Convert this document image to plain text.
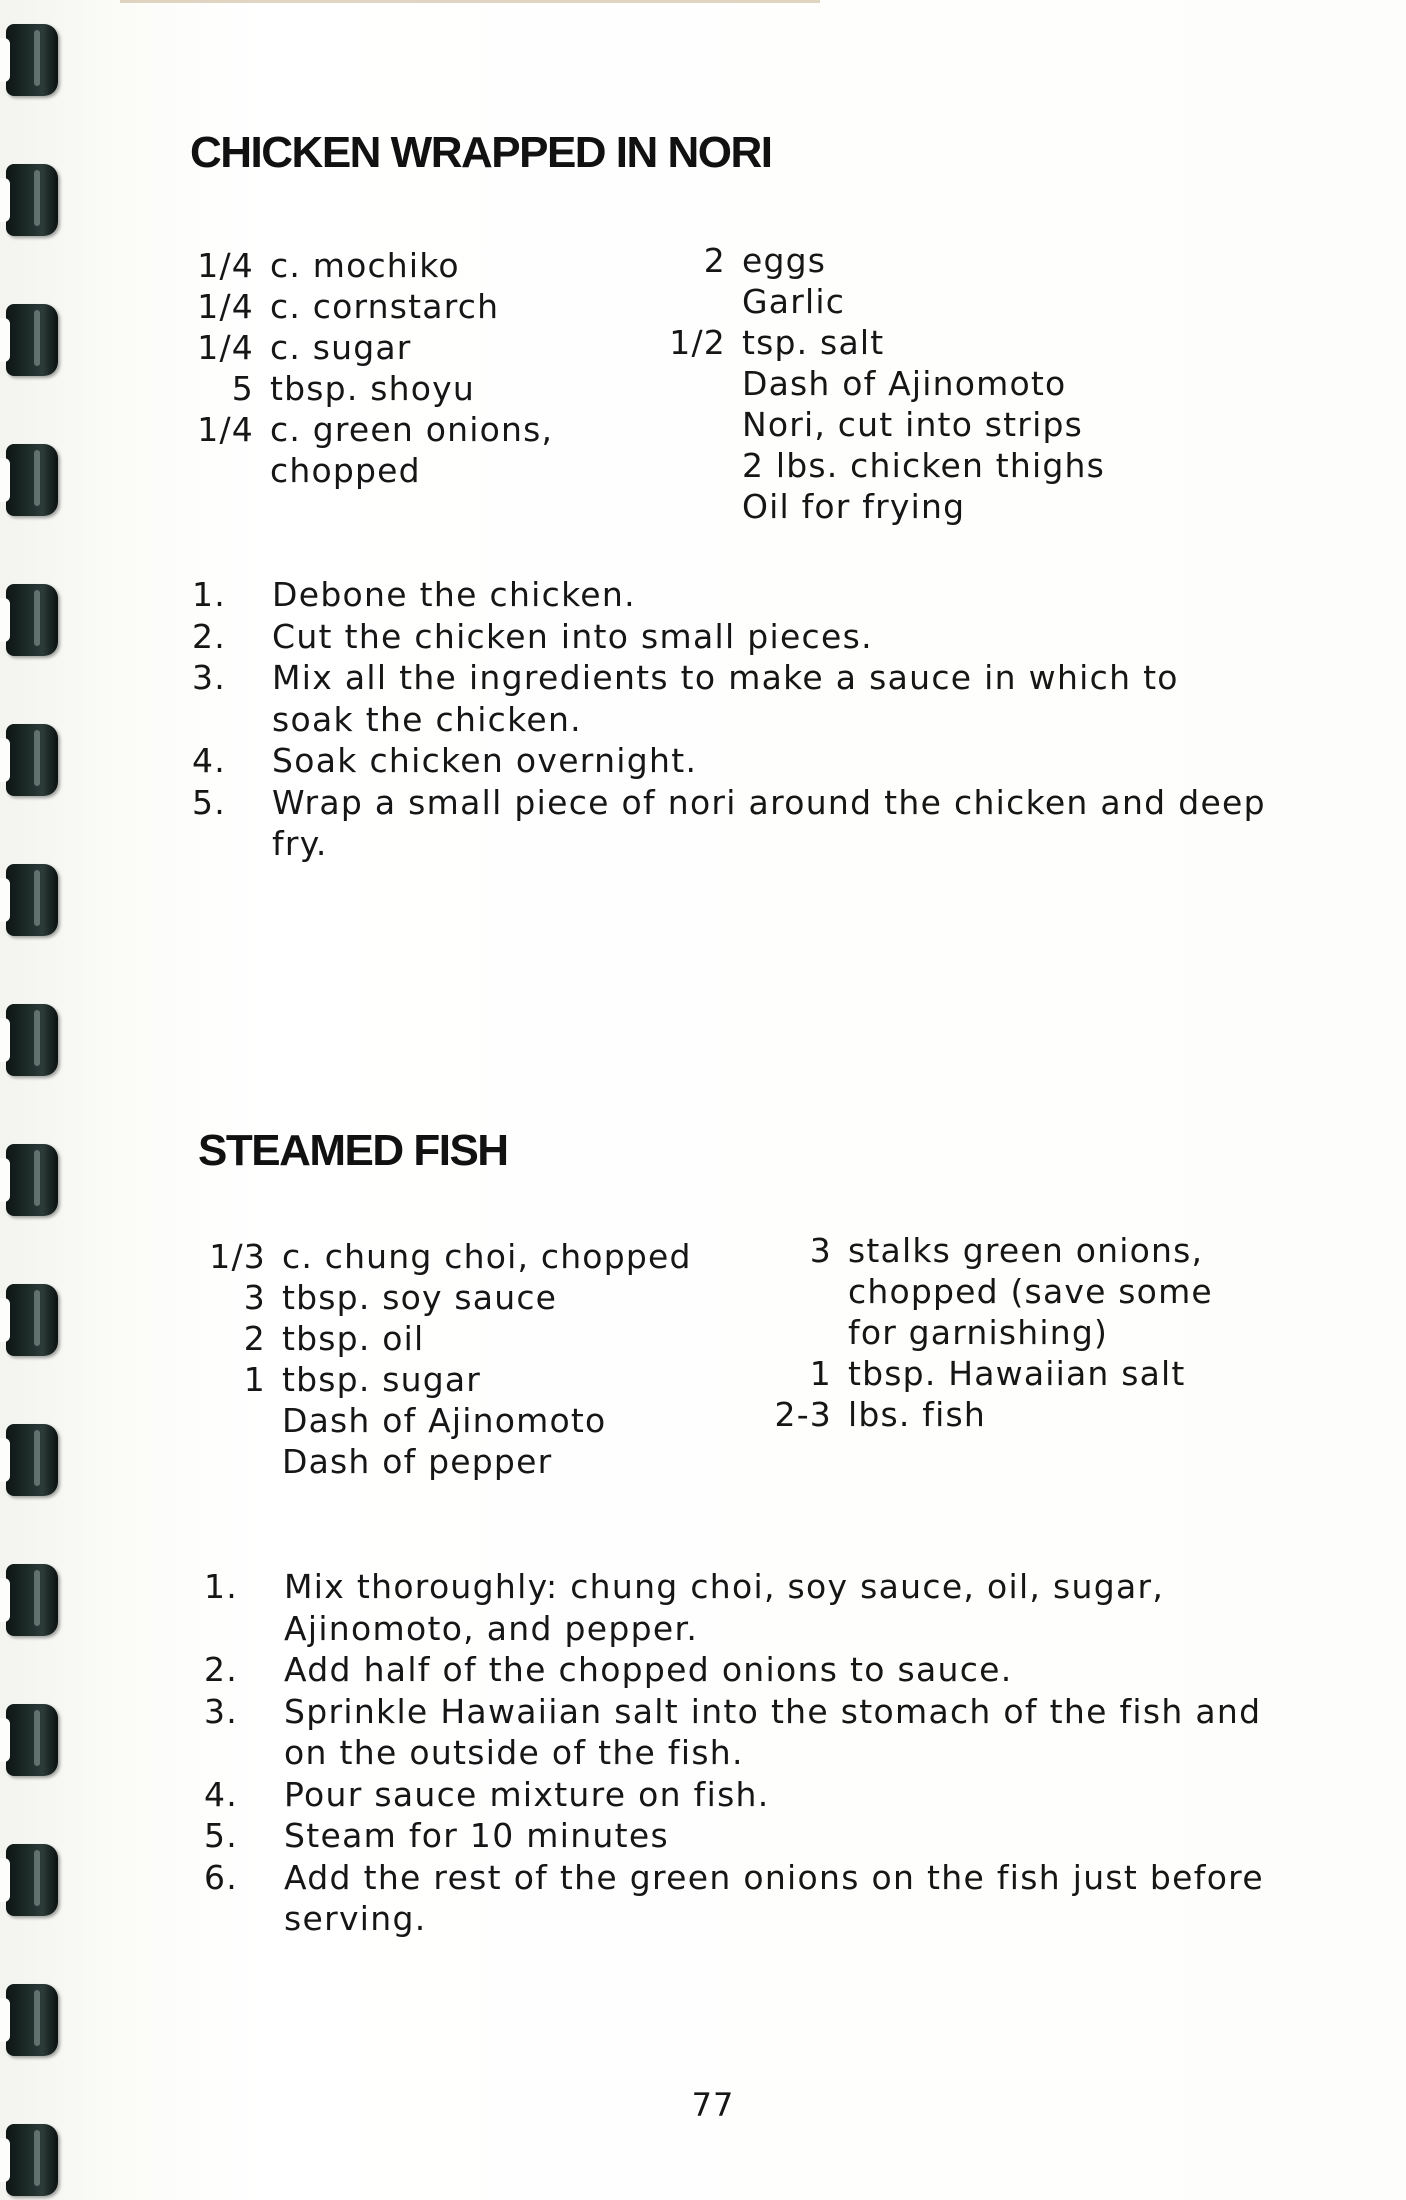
CHICKEN WRAPPED IN NORI
1/4 c. mochiko
1/4 c. cornstarch
1/4 c. sugar
5 tbsp. shoyu
1/4 c. green onions,
chopped
2 eggs
Garlic
1/2 tsp. salt
Dash of Ajinomoto
Nori, cut into strips
2 lbs. chicken thighs
Oil for frying
1.	Debone the chicken.
2.	Cut the chicken into small pieces.
3.	Mix all the ingredients to make a sauce in which to soak the chicken.
4.	Soak chicken overnight.
5.	Wrap a small piece of nori around the chicken and deep fry.
STEAMED FISH
1/3 c. chung choi, chopped
3 tbsp. soy sauce
2 tbsp. oil
1 tbsp. sugar
Dash of Ajinomoto
Dash of pepper
3 stalks green onions,
chopped (save some
for garnishing)
1 tbsp. Hawaiian salt
2-3 lbs. fish
1.	Mix thoroughly: chung choi, soy sauce, oil, sugar, Ajinomoto, and pepper.
2.	Add half of the chopped onions to sauce.
3.	Sprinkle Hawaiian salt into the stomach of the fish and on the outside of the fish.
4.	Pour sauce mixture on fish.
5.	Steam for 10 minutes
6.	Add the rest of the green onions on the fish just before serving.
77
